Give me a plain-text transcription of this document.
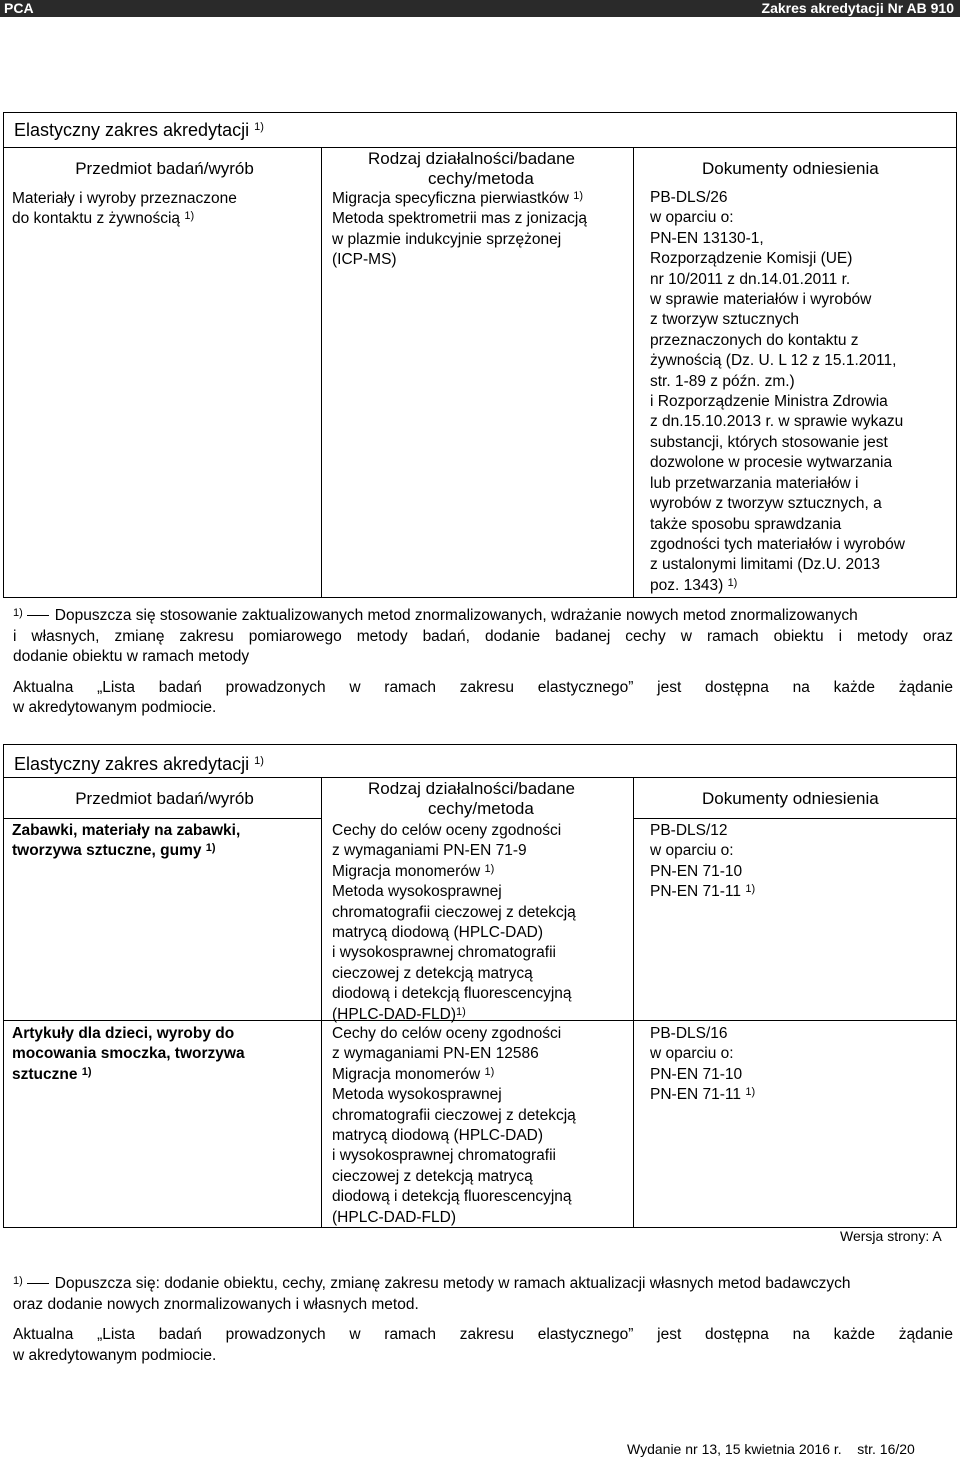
PCA	Zakres akredytacji Nr AB 910
Elastyczny zakres akredytacji $^{1)}$
Przedmiot badań/wyrób
Materiały i wyroby przeznaczone
do kontaktu z żywnością $^{1)}$
Rodzaj działalności/badane
cechy/metoda
Migracja specyficzna pierwiastków $^{1)}$
Metoda spektrometrii mas z jonizacją
w plazmie indukcyjnie sprzężonej
(ICP-MS)
Dokumenty odniesienia
PB-DLS/26
w oparciu o:
PN-EN 13130-1,
Rozporządzenie Komisji (UE)
nr 10/2011 z dn.14.01.2011 r.
w sprawie materiałów i wyrobów
z tworzyw sztucznych
przeznaczonych do kontaktu z
żywnością (Dz. U. L 12 z 15.1.2011,
str. 1-89 z późn. zm.)
i Rozporządzenie Ministra Zdrowia
z dn.15.10.2013 r. w sprawie wykazu
substancji, których stosowanie jest
dozwolone w procesie wytwarzania
lub przetwarzania materiałów i
wyrobów z tworzyw sztucznych, a
także sposobu sprawdzania
zgodności tych materiałów i wyrobów
z ustalonymi limitami (Dz.U. 2013
poz. 1343) $^{1)}$
$^{1)}$ Dopuszcza się stosowanie zaktualizowanych metod znormalizowanych, wdrażanie nowych metod znormalizowanych
i własnych, zmianę zakresu pomiarowego metody badań, dodanie badanej cechy w ramach obiektu i metody oraz
dodanie obiektu w ramach metody
Aktualna „Lista badań prowadzonych w ramach zakresu elastycznego” jest dostępna na każde żądanie
w akredytowanym podmiocie.
Elastyczny zakres akredytacji $^{1)}$
Przedmiot badań/wyrób
Rodzaj działalności/badane
cechy/metoda
Dokumenty odniesienia
Zabawki, materiały na zabawki,
tworzywa sztuczne, gumy $^{1)}$
Cechy do celów oceny zgodności
z wymaganiami PN-EN 71-9
Migracja monomerów $^{1)}$
Metoda wysokosprawnej
chromatografii cieczowej z detekcją
matrycą diodową (HPLC-DAD)
i wysokosprawnej chromatografii
cieczowej z detekcją matrycą
diodową i detekcją fluorescencyjną
(HPLC-DAD-FLD)$^{1)}$
PB-DLS/12
w oparciu o:
PN-EN 71-10
PN-EN 71-11 $^{1)}$
Artykuły dla dzieci, wyroby do
mocowania smoczka, tworzywa
sztuczne $^{1)}$
Cechy do celów oceny zgodności
z wymaganiami PN-EN 12586
Migracja monomerów $^{1)}$
Metoda wysokosprawnej
chromatografii cieczowej z detekcją
matrycą diodową (HPLC-DAD)
i wysokosprawnej chromatografii
cieczowej z detekcją matrycą
diodową i detekcją fluorescencyjną
(HPLC-DAD-FLD)
PB-DLS/16
w oparciu o:
PN-EN 71-10
PN-EN 71-11 $^{1)}$
Wersja strony: A
$^{1)}$ Dopuszcza się: dodanie obiektu, cechy, zmianę zakresu metody w ramach aktualizacji własnych metod badawczych
oraz dodanie nowych znormalizowanych i własnych metod.
Aktualna „Lista badań prowadzonych w ramach zakresu elastycznego” jest dostępna na każde żądanie
w akredytowanym podmiocie.
Wydanie nr 13, 15 kwietnia 2016 r.    str. 16/20
